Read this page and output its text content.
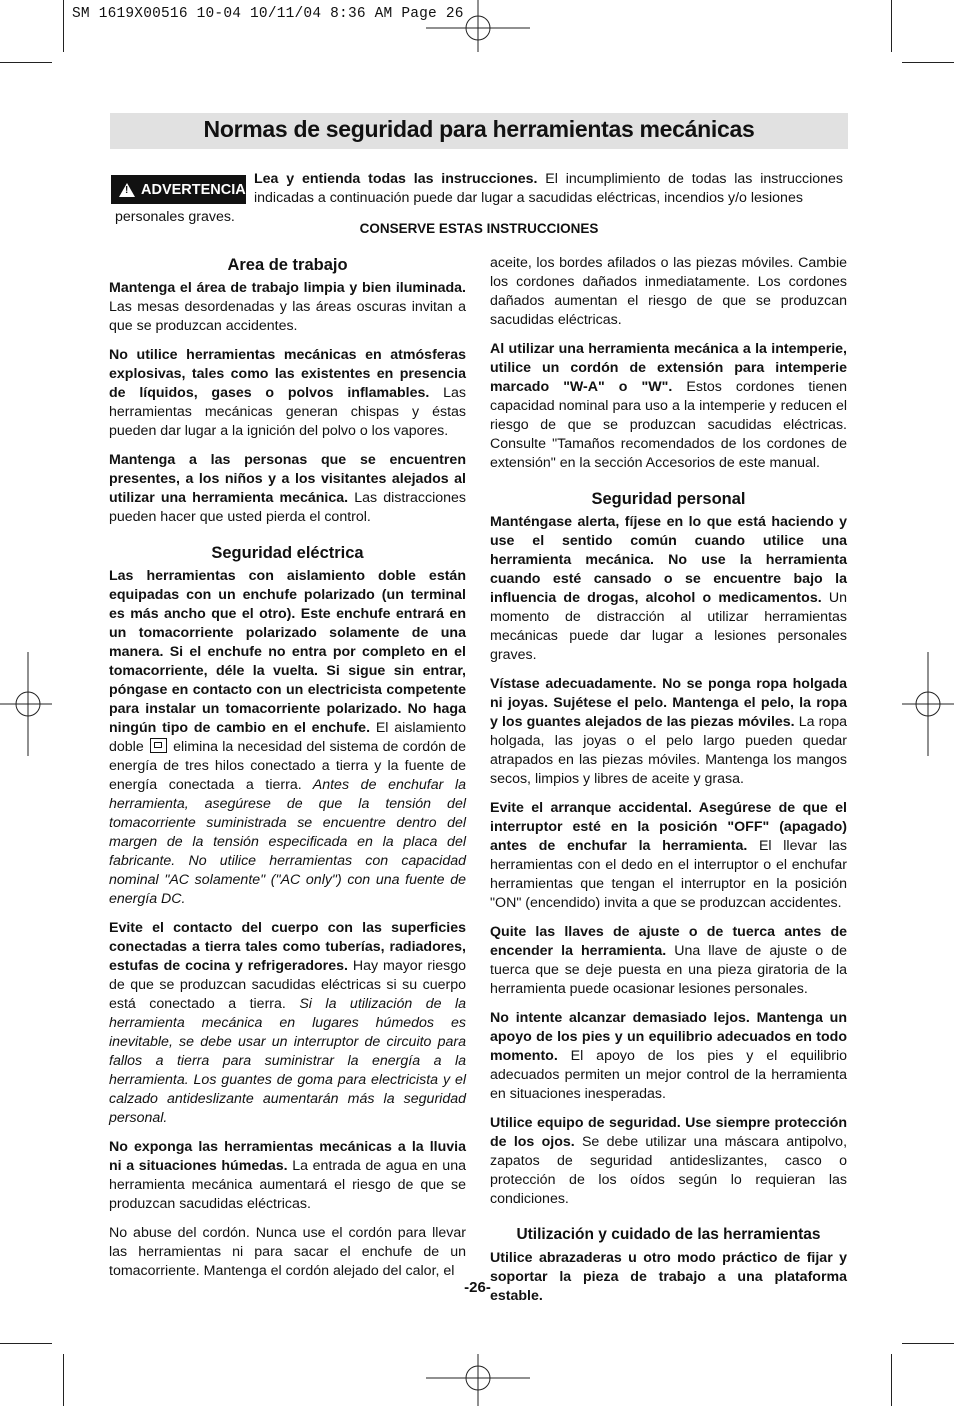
SM 1619X00516 10-04 10/11/04 8:36 AM Page 26
Normas de seguridad para herramientas mecánicas
! ADVERTENCIA
Lea y entienda todas las instrucciones. El incumplimiento de todas las instrucciones indicadas a continuación puede dar lugar a sacudidas eléctricas, incendios y/o lesiones
personales graves.
CONSERVE ESTAS INSTRUCCIONES
Area de trabajo

Mantenga el área de trabajo limpia y bien iluminada. Las mesas desordenadas y las áreas oscuras invitan a que se produzcan accidentes.

No utilice herramientas mecánicas en atmósferas explosivas, tales como las existentes en presencia de líquidos, gases o polvos inflamables. Las herramientas mecánicas generan chispas y éstas pueden dar lugar a la ignición del polvo o los vapores.

Mantenga a las personas que se encuentren presentes, a los niños y a los visitantes alejados al utilizar una herramienta mecánica. Las distracciones pueden hacer que usted pierda el control.

Seguridad eléctrica

Las herramientas con aislamiento doble están equipadas con un enchufe polarizado (un terminal es más ancho que el otro). Este enchufe entrará en un tomacorriente polarizado solamente de una manera. Si el enchufe no entra por completo en el tomacorriente, déle la vuelta. Si sigue sin entrar, póngase en contacto con un electricista competente para instalar un tomacorriente polarizado. No haga ningún tipo de cambio en el enchufe. El aislamiento doble elimina la necesidad del sistema de cordón de energía de tres hilos conectado a tierra y la fuente de energía conectada a tierra. Antes de enchufar la herramienta, asegúrese de que la tensión del tomacorriente suministrada se encuentre dentro del margen de la tensión especificada en la placa del fabricante. No utilice herramientas con capacidad nominal "AC solamente" ("AC only") con una fuente de energía DC.

Evite el contacto del cuerpo con las superficies conectadas a tierra tales como tuberías, radiadores, estufas de cocina y refrigeradores. Hay mayor riesgo de que se produzcan sacudidas eléctricas si su cuerpo está conectado a tierra. Si la utilización de la herramienta mecánica en lugares húmedos es inevitable, se debe usar un interruptor de circuito para fallos a tierra para suministrar la energía a la herramienta. Los guantes de goma para electricista y el calzado antideslizante aumentarán más la seguridad personal.

No exponga las herramientas mecánicas a la lluvia ni a situaciones húmedas. La entrada de agua en una herramienta mecánica aumentará el riesgo de que se produzcan sacudidas eléctricas.

No abuse del cordón. Nunca use el cordón para llevar las herramientas ni para sacar el enchufe de un tomacorriente. Mantenga el cordón alejado del calor, el

aceite, los bordes afilados o las piezas móviles. Cambie los cordones dañados inmediatamente. Los cordones dañados aumentan el riesgo de que se produzcan sacudidas eléctricas.

Al utilizar una herramienta mecánica a la intemperie, utilice un cordón de extensión para intemperie marcado "W-A" o "W". Estos cordones tienen capacidad nominal para uso a la intemperie y reducen el riesgo de que se produzcan sacudidas eléctricas. Consulte "Tamaños recomendados de los cordones de extensión" en la sección Accesorios de este manual.

Seguridad personal

Manténgase alerta, fíjese en lo que está haciendo y use el sentido común cuando utilice una herramienta mecánica. No use la herramienta cuando esté cansado o se encuentre bajo la influencia de drogas, alcohol o medicamentos. Un momento de distracción al utilizar herramientas mecánicas puede dar lugar a lesiones personales graves.

Vístase adecuadamente. No se ponga ropa holgada ni joyas. Sujétese el pelo. Mantenga el pelo, la ropa y los guantes alejados de las piezas móviles. La ropa holgada, las joyas o el pelo largo pueden quedar atrapados en las piezas móviles. Mantenga los mangos secos, limpios y libres de aceite y grasa.

Evite el arranque accidental. Asegúrese de que el interruptor esté en la posición "OFF" (apagado) antes de enchufar la herramienta. El llevar las herramientas con el dedo en el interruptor o el enchufar herramientas que tengan el interruptor en la posición "ON" (encendido) invita a que se produzcan accidentes.

Quite las llaves de ajuste o de tuerca antes de encender la herramienta. Una llave de ajuste o de tuerca que se deje puesta en una pieza giratoria de la herramienta puede ocasionar lesiones personales.

No intente alcanzar demasiado lejos. Mantenga un apoyo de los pies y un equilibrio adecuados en todo momento. El apoyo de los pies y el equilibrio adecuados permiten un mejor control de la herramienta en situaciones inesperadas.

Utilice equipo de seguridad. Use siempre protección de los ojos. Se debe utilizar una máscara antipolvo, zapatos de seguridad antideslizantes, casco o protección de los oídos según lo requieran las condiciones.

Utilización y cuidado de las herramientas

Utilice abrazaderas u otro modo práctico de fijar y soportar la pieza de trabajo a una plataforma estable.

-26-
